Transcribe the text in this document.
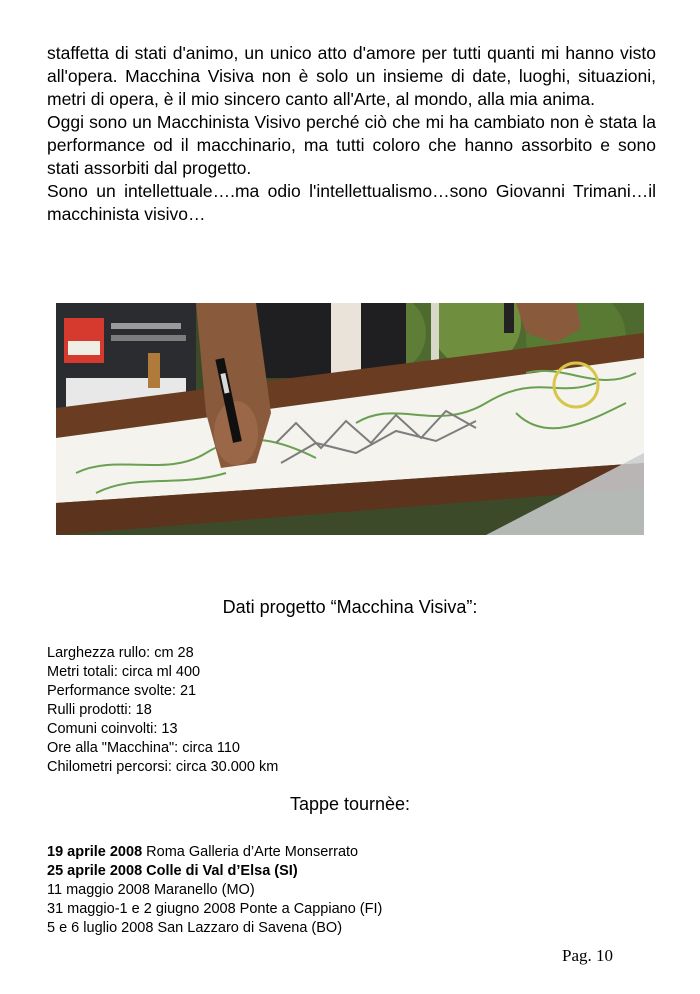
staffetta di stati d'animo, un unico atto d'amore per tutti quanti mi hanno visto all'opera. Macchina Visiva non è solo un insieme di date, luoghi, situazioni, metri di opera, è il mio sincero canto all'Arte, al mondo, alla mia anima.

Oggi sono un Macchinista Visivo perché ciò che mi ha cambiato non è stata la performance od il macchinario, ma tutti coloro che hanno assorbito e sono stati assorbiti dal progetto.

Sono un intellettuale….ma odio l'intellettualismo…sono Giovanni Trimani…il macchinista visivo…

Dati progetto “Macchina Visiva”:
Larghezza rullo: cm 28
Metri totali: circa ml 400
Performance svolte: 21
Rulli prodotti: 18
Comuni coinvolti: 13
Ore alla "Macchina": circa 110
Chilometri percorsi: circa 30.000 km
Tappe tournèe:
19 aprile 2008 Roma Galleria d’Arte Monserrato
25 aprile 2008 Colle di Val d’Elsa (SI)
11 maggio 2008 Maranello (MO)
31 maggio-1 e 2 giugno 2008 Ponte a Cappiano (FI)
5 e 6 luglio 2008 San Lazzaro di Savena (BO)
Pag. 10
